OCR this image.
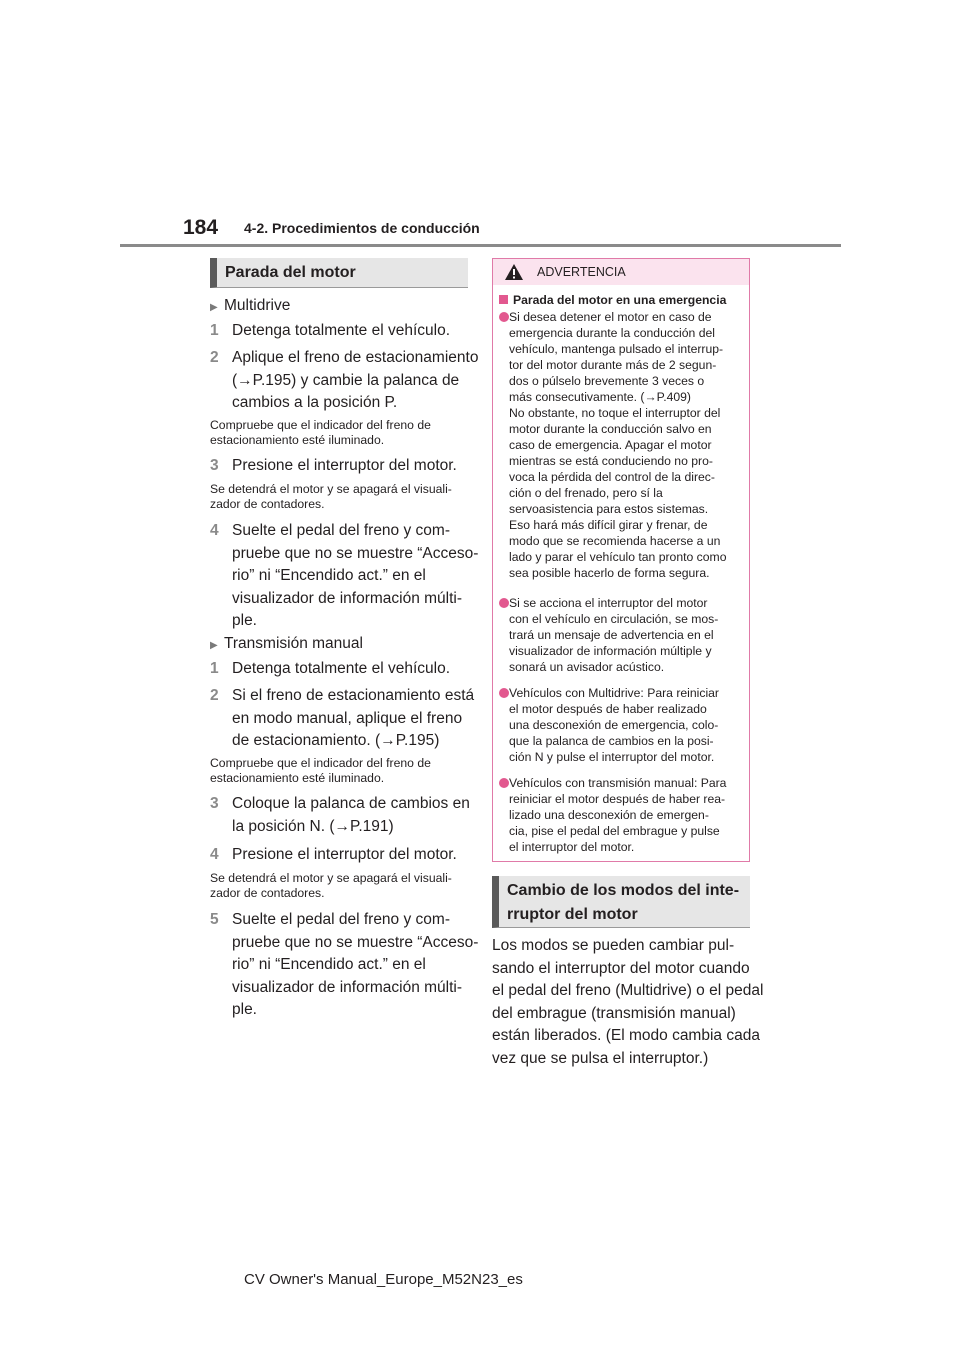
184 4-2. Procedimientos de conducción
Parada del motor
▶ Multidrive
1 Detenga totalmente el vehículo.
2 Aplique el freno de estacionamiento
(→P.195) y cambie la palanca de
cambios a la posición P.
Compruebe que el indicador del freno de
estacionamiento esté iluminado.
3 Presione el interruptor del motor.
Se detendrá el motor y se apagará el visuali-
zador de contadores.
4 Suelte el pedal del freno y com-
pruebe que no se muestre “Acceso-
rio” ni “Encendido act.” en el
visualizador de información múlti-
ple.
▶ Transmisión manual
1 Detenga totalmente el vehículo.
2 Si el freno de estacionamiento está
en modo manual, aplique el freno
de estacionamiento. (→P.195)
Compruebe que el indicador del freno de
estacionamiento esté iluminado.
3 Coloque la palanca de cambios en
la posición N. (→P.191)
4 Presione el interruptor del motor.
Se detendrá el motor y se apagará el visuali-
zador de contadores.
5 Suelte el pedal del freno y com-
pruebe que no se muestre “Acceso-
rio” ni “Encendido act.” en el
visualizador de información múlti-
ple.
ADVERTENCIA
Parada del motor en una emergencia
Si desea detener el motor en caso de
emergencia durante la conducción del
vehículo, mantenga pulsado el interrup-
tor del motor durante más de 2 segun-
dos o púlselo brevemente 3 veces o
más consecutivamente. (→P.409)
No obstante, no toque el interruptor del
motor durante la conducción salvo en
caso de emergencia. Apagar el motor
mientras se está conduciendo no pro-
voca la pérdida del control de la direc-
ción o del frenado, pero sí la
servoasistencia para estos sistemas.
Eso hará más difícil girar y frenar, de
modo que se recomienda hacerse a un
lado y parar el vehículo tan pronto como
sea posible hacerlo de forma segura.
Si se acciona el interruptor del motor
con el vehículo en circulación, se mos-
trará un mensaje de advertencia en el
visualizador de información múltiple y
sonará un avisador acústico.
Vehículos con Multidrive: Para reiniciar
el motor después de haber realizado
una desconexión de emergencia, colo-
que la palanca de cambios en la posi-
ción N y pulse el interruptor del motor.
Vehículos con transmisión manual: Para
reiniciar el motor después de haber rea-
lizado una desconexión de emergen-
cia, pise el pedal del embrague y pulse
el interruptor del motor.
Cambio de los modos del inte-
rruptor del motor
Los modos se pueden cambiar pul-
sando el interruptor del motor cuando
el pedal del freno (Multidrive) o el pedal
del embrague (transmisión manual)
están liberados. (El modo cambia cada
vez que se pulsa el interruptor.)
CV Owner's Manual_Europe_M52N23_es
